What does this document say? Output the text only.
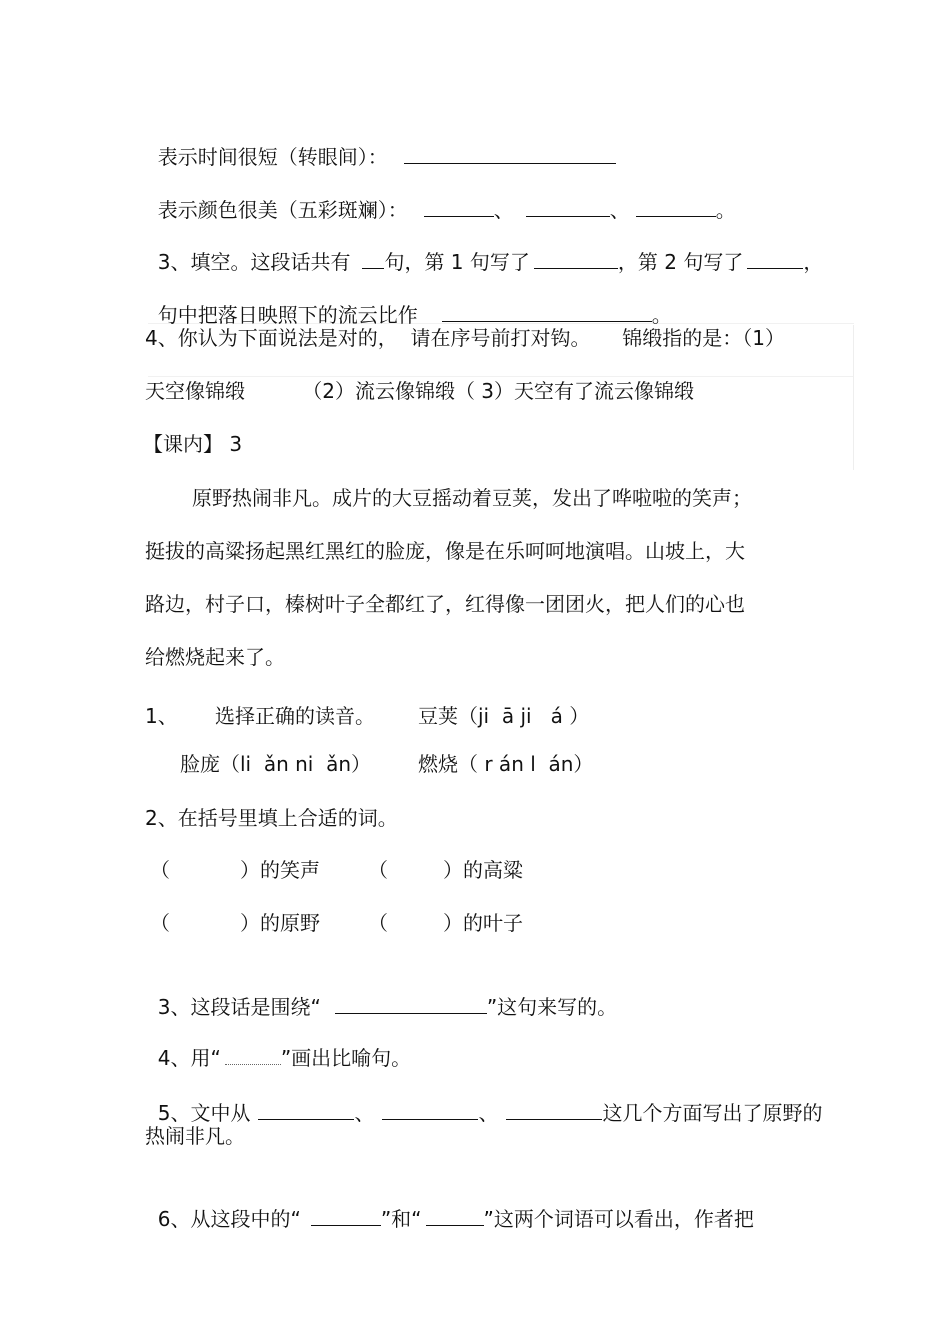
表示时间很短（转眼间）：

表示颜色很美（五彩斑斓）：	、	、	。

3、填空。这段话共有 句，第 1 句写了	，第 2 句写了	，

句中把落日映照下的流云比作	。

4、你认为下面说法是对的，  请在序号前打对钩。     锦缎指的是：（1）
天空像锦缎         （2）流云像锦缎（ 3）天空有了流云像锦缎
【课内】 3
原野热闹非凡。成片的大豆摇动着豆荚，发出了哗啦啦的笑声；
挺拔的高粱扬起黑红黑红的脸庞，像是在乐呵呵地演唱。山坡上，大
路边，村子口，榛树叶子全都红了，红得像一团团火，把人们的心也
给燃烧起来了。
1、 选择正确的读音。 豆荚（ji  ā ji   á ）
脸庞（li  ǎn ni  ǎn） 燃烧（ r án l  án）
2、在括号里填上合适的词。
（	）的笑声 （	）的高粱
（	）的原野 （	）的叶子

3、这段话是围绕“	”这句来写的。

4、用“	”画出比喻句。

5、文中从	、	、	这几个方面写出了原野的

热闹非凡。

6、从这段中的“	”和“	”这两个词语可以看出，作者把
